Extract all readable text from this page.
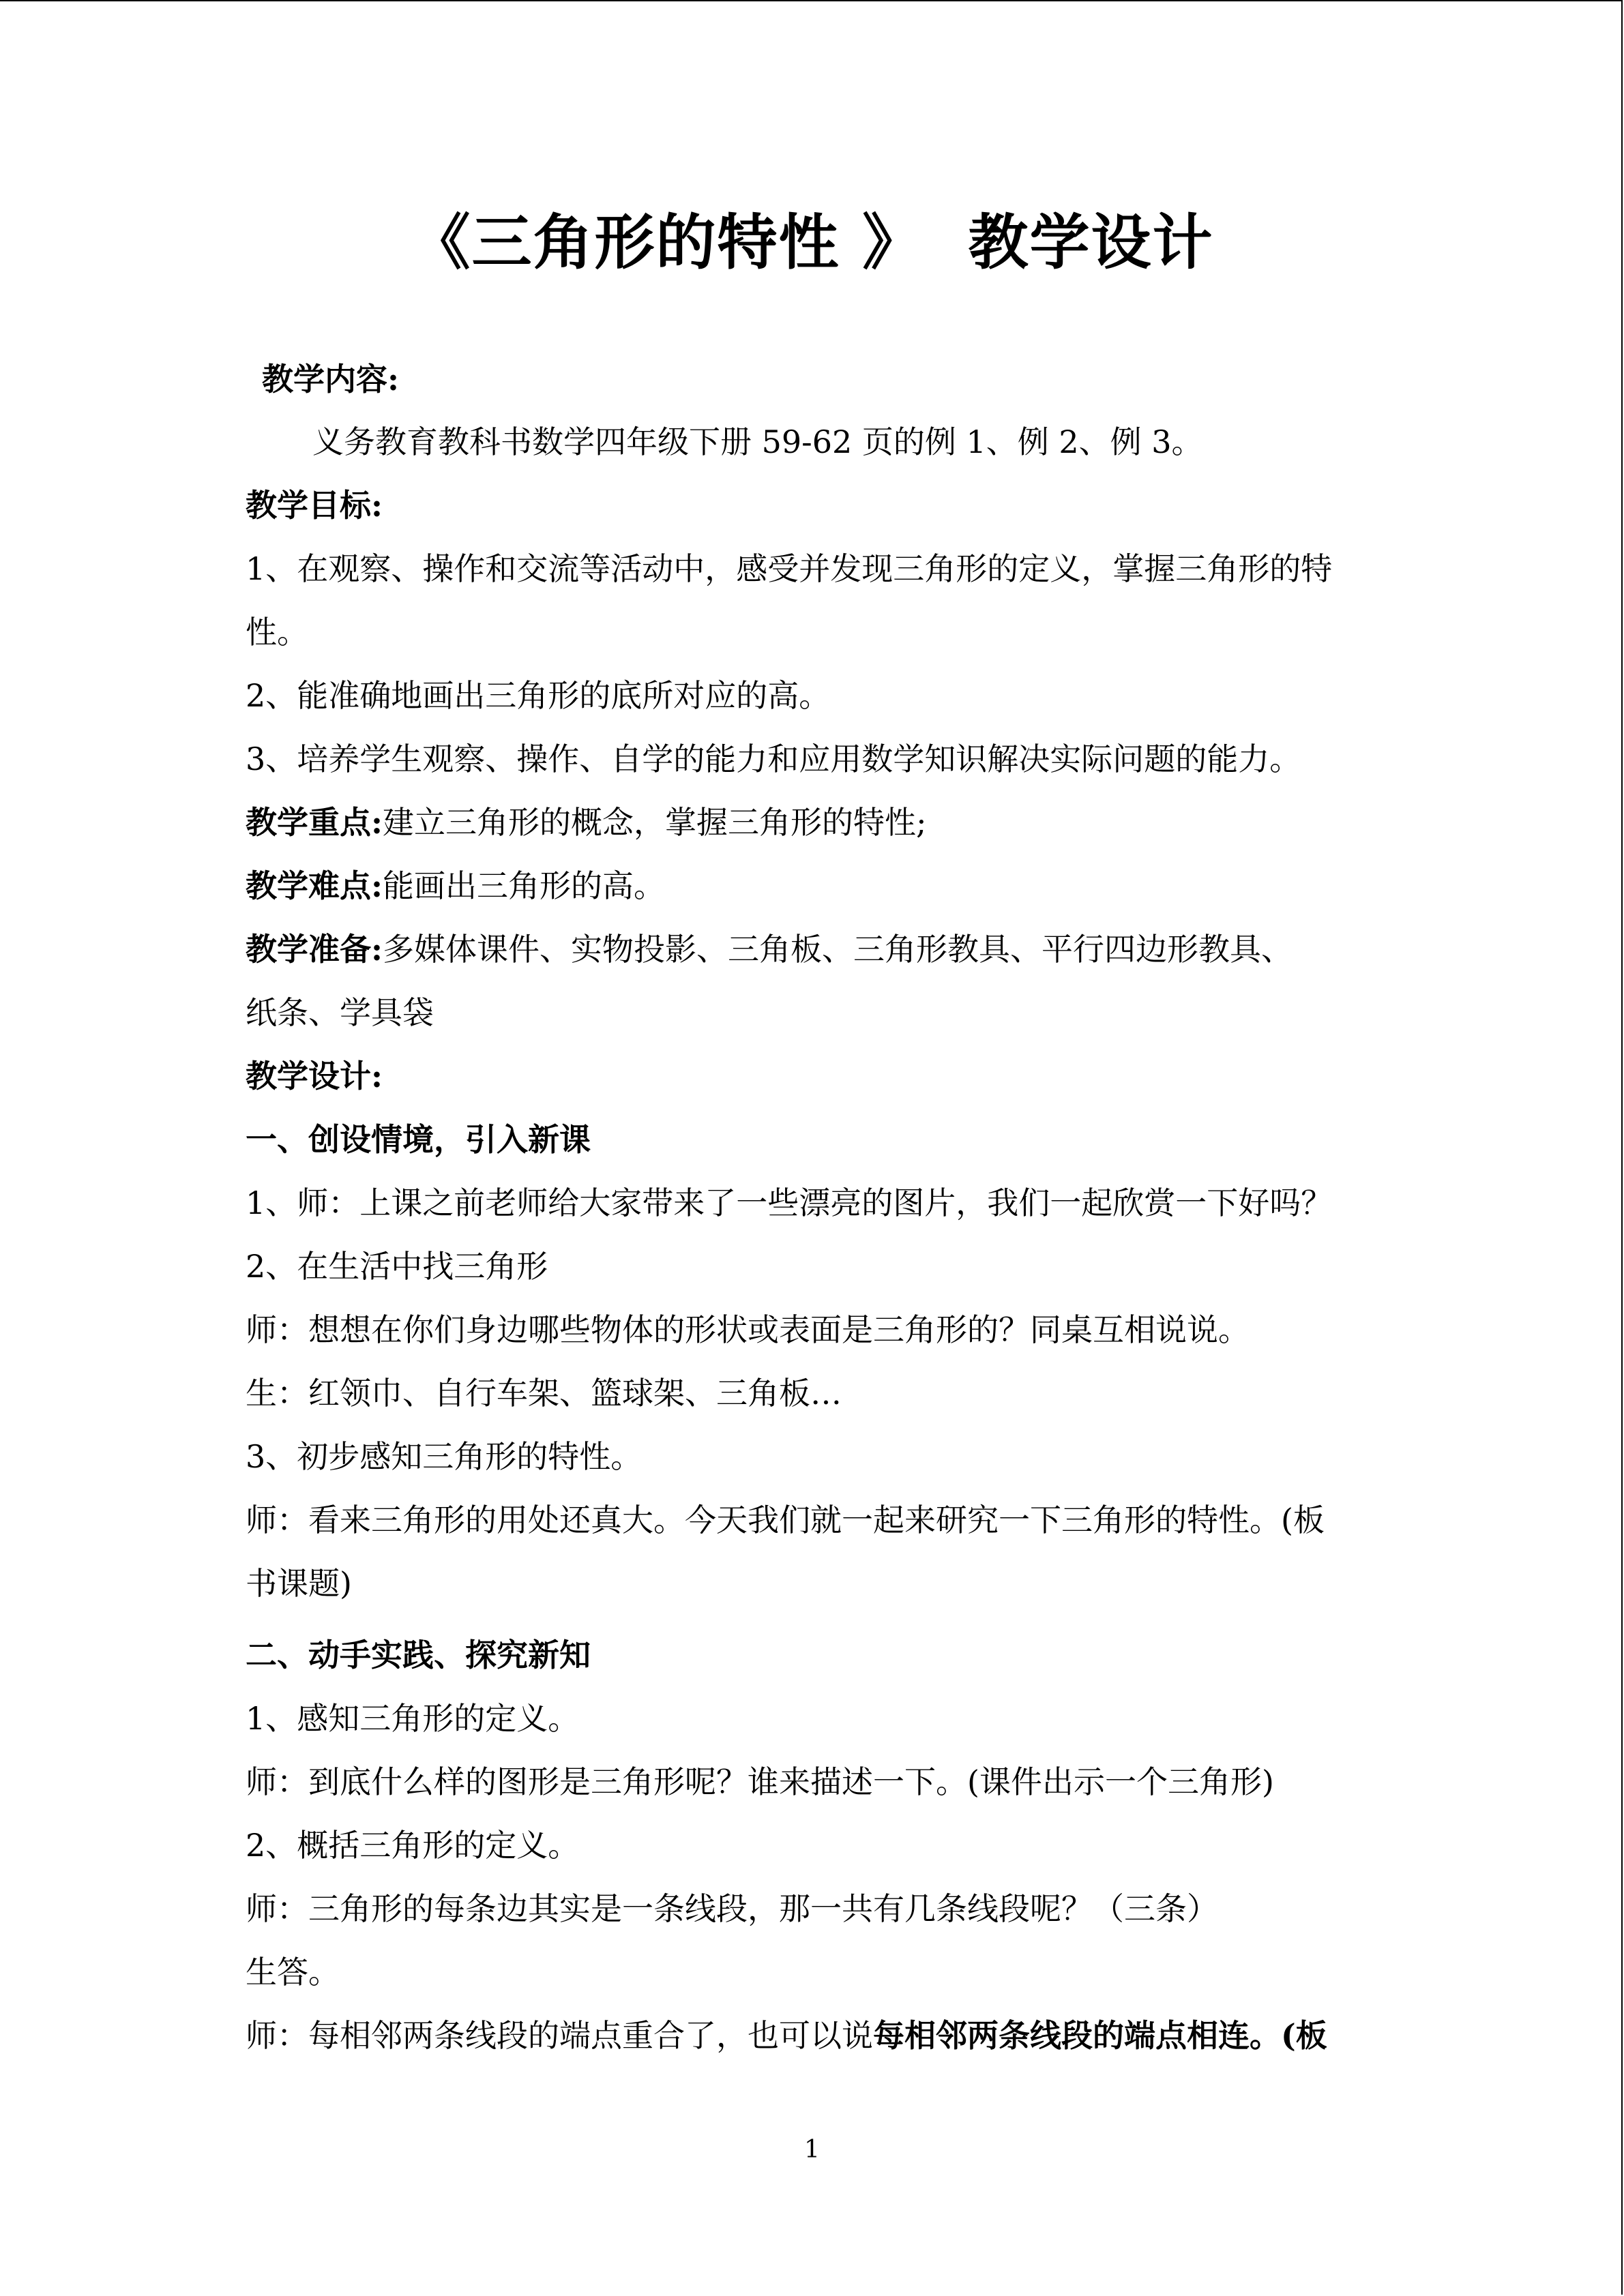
《三角形的特性 》  教学设计
教学内容:
义务教育教科书数学四年级下册 59-62 页的例 1、例 2、例 3。
教学目标:
1、在观察、操作和交流等活动中，感受并发现三角形的定义，掌握三角形的特
性。
2、能准确地画出三角形的底所对应的高。
3、培养学生观察、操作、自学的能力和应用数学知识解决实际问题的能力。
教学重点:建立三角形的概念，掌握三角形的特性;
教学难点:能画出三角形的高。
教学准备:多媒体课件、实物投影、三角板、三角形教具、平行四边形教具、
纸条、学具袋
教学设计:
一、创设情境，引入新课
1、师：上课之前老师给大家带来了一些漂亮的图片，我们一起欣赏一下好吗？
2、在生活中找三角形
师：想想在你们身边哪些物体的形状或表面是三角形的？同桌互相说说。
生：红领巾、自行车架、篮球架、三角板…
3、初步感知三角形的特性。
师：看来三角形的用处还真大。今天我们就一起来研究一下三角形的特性。(板
书课题)
二、动手实践、探究新知
1、感知三角形的定义。
师：到底什么样的图形是三角形呢？谁来描述一下。(课件出示一个三角形)
2、概括三角形的定义。
师：三角形的每条边其实是一条线段，那一共有几条线段呢？（三条）
生答。
师：每相邻两条线段的端点重合了，也可以说每相邻两条线段的端点相连。(板
1
